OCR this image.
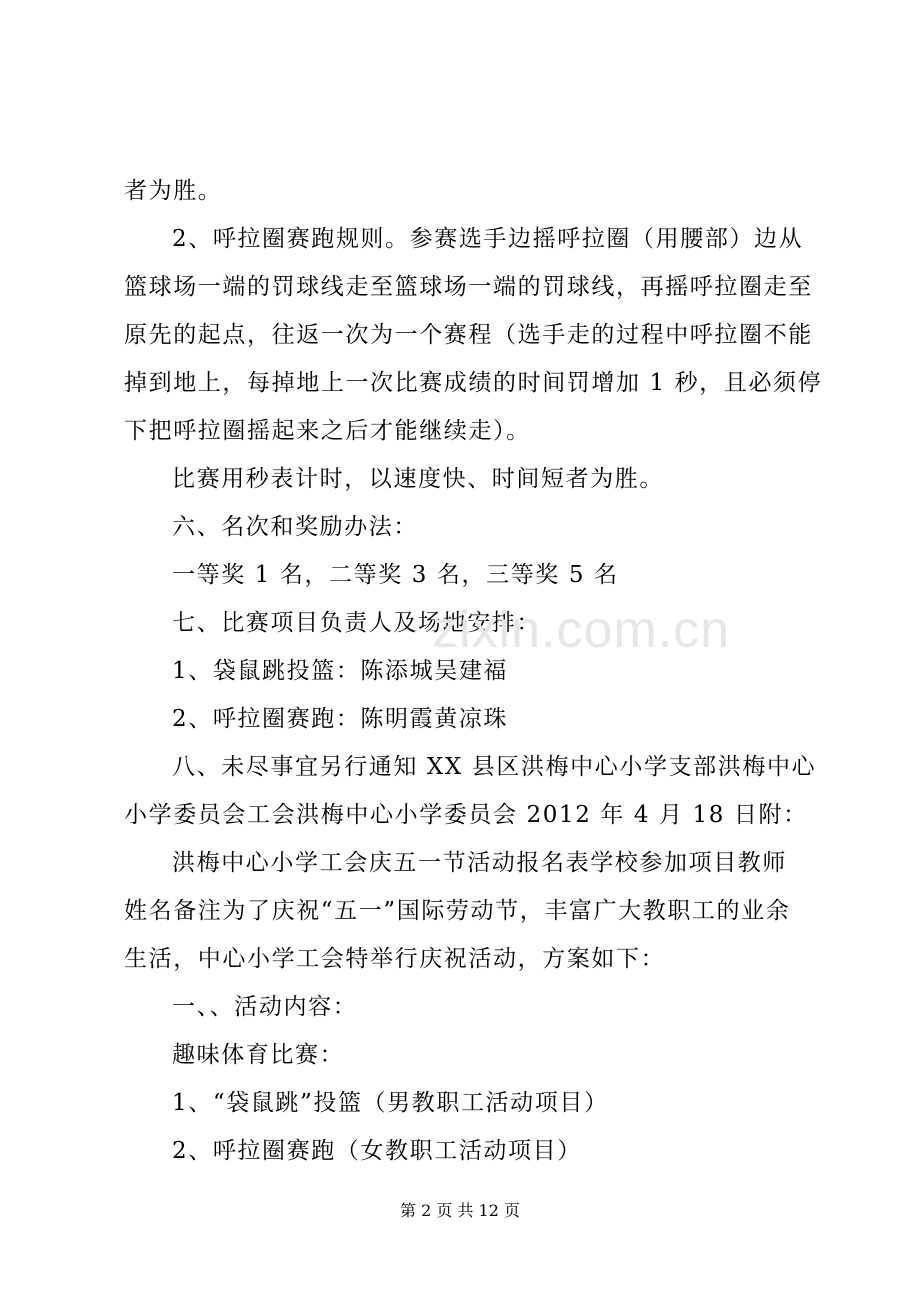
者为胜。
2、呼拉圈赛跑规则。参赛选手边摇呼拉圈（用腰部）边从
篮球场一端的罚球线走至篮球场一端的罚球线，再摇呼拉圈走至
原先的起点，往返一次为一个赛程（选手走的过程中呼拉圈不能
掉到地上，每掉地上一次比赛成绩的时间罚增加 1 秒，且必须停
下把呼拉圈摇起来之后才能继续走）。
比赛用秒表计时，以速度快、时间短者为胜。
六、名次和奖励办法：
一等奖 1 名，二等奖 3 名，三等奖 5 名
七、比赛项目负责人及场地安排：
1、袋鼠跳投篮：陈添城吴建福
2、呼拉圈赛跑：陈明霞黄凉珠
八、未尽事宜另行通知 XX 县区洪梅中心小学支部洪梅中心
小学委员会工会洪梅中心小学委员会 2012 年 4 月 18 日附：
洪梅中心小学工会庆五一节活动报名表学校参加项目教师
姓名备注为了庆祝“五一”国际劳动节，丰富广大教职工的业余
生活，中心小学工会特举行庆祝活动，方案如下：
一、、活动内容：
趣味体育比赛：
1、“袋鼠跳”投篮（男教职工活动项目）
2、呼拉圈赛跑（女教职工活动项目）
zixin.com.cn
第 2 页 共 12 页
